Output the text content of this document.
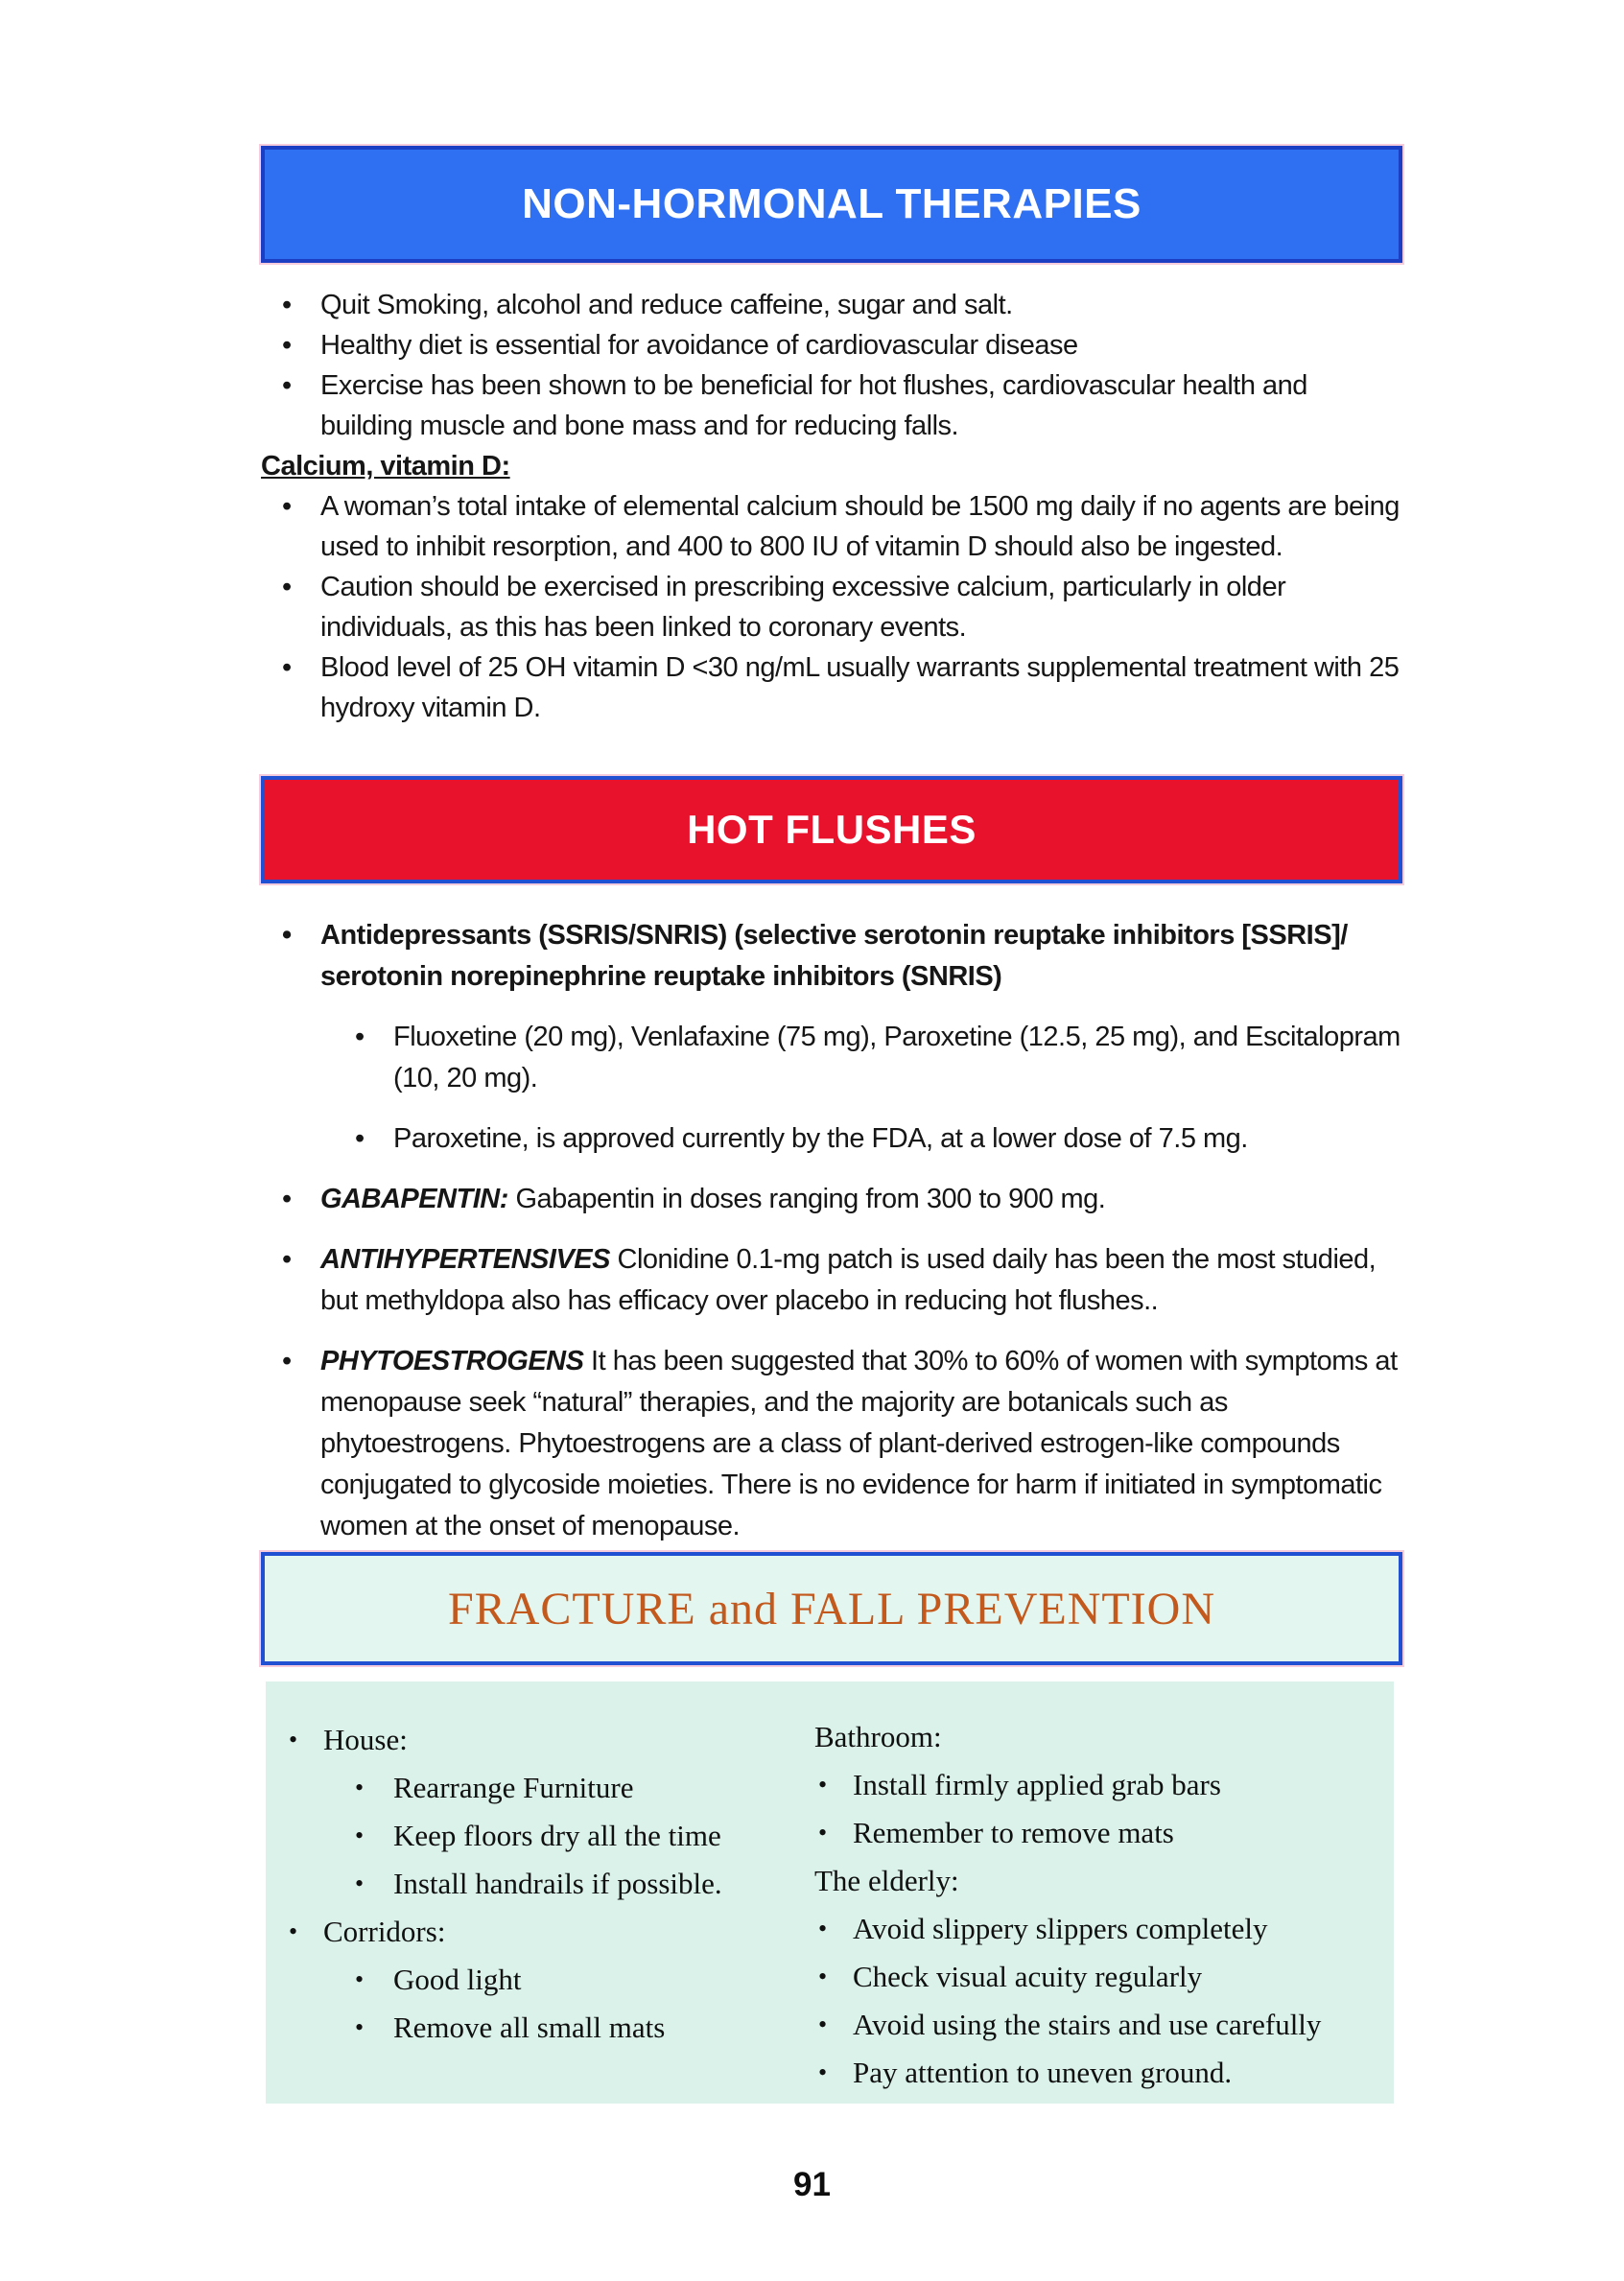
NON-HORMONAL THERAPIES
• Quit Smoking, alcohol and reduce caffeine, sugar and salt.
• Healthy diet is essential for avoidance of cardiovascular disease
• Exercise has been shown to be beneficial for hot flushes, cardiovascular health and building muscle and bone mass and for reducing falls.
Calcium, vitamin D:
• A woman’s total intake of elemental calcium should be 1500 mg daily if no agents are being used to inhibit resorption, and 400 to 800 IU of vitamin D should also be ingested.
• Caution should be exercised in prescribing excessive calcium, particularly in older individuals, as this has been linked to coronary events.
• Blood level of 25 OH vitamin D <30 ng/mL usually warrants supplemental treatment with 25 hydroxy vitamin D.
HOT FLUSHES
• Antidepressants (SSRIS/SNRIS) (selective serotonin reuptake inhibitors [SSRIS]/ serotonin norepinephrine reuptake inhibitors (SNRIS)
• Fluoxetine (20 mg), Venlafaxine (75 mg), Paroxetine (12.5, 25 mg), and Escitalopram (10, 20 mg).
• Paroxetine, is approved currently by the FDA, at a lower dose of 7.5 mg.
• GABAPENTIN: Gabapentin in doses ranging from 300 to 900 mg.
• ANTIHYPERTENSIVES Clonidine 0.1-mg patch is used daily has been the most studied, but methyldopa also has efficacy over placebo in reducing hot flushes..
• PHYTOESTROGENS It has been suggested that 30% to 60% of women with symptoms at menopause seek “natural” therapies, and the majority are botanicals such as phytoestrogens. Phytoestrogens are a class of plant-derived estrogen-like compounds conjugated to glycoside moieties. There is no evidence for harm if initiated in symptomatic women at the onset of menopause.
FRACTURE and FALL PREVENTION
• House:
• Rearrange Furniture
• Keep floors dry all the time
• Install handrails if possible.
• Corridors:
• Good light
• Remove all small mats
Bathroom:
• Install firmly applied grab bars
• Remember to remove mats
The elderly:
• Avoid slippery slippers completely
• Check visual acuity regularly
• Avoid using the stairs and use carefully
• Pay attention to uneven ground.
91
